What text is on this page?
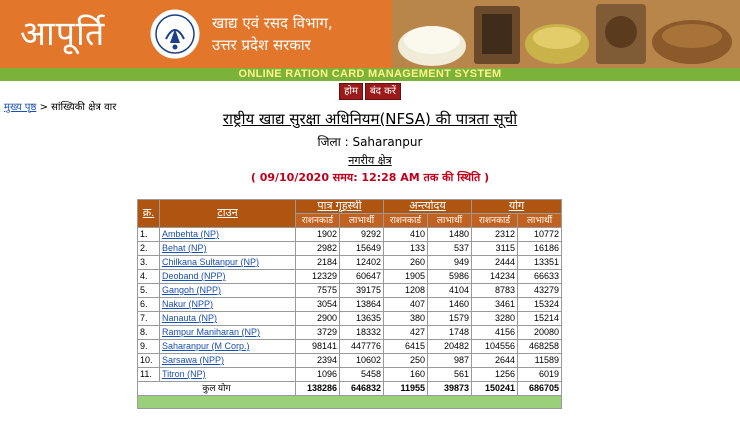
आपूर्ति	खाद्य एवं रसद विभाग,
उत्तर प्रदेश सरकार
ONLINE RATION CARD MANAGEMENT SYSTEM
होम बंद करें
मुख्य पृष्ठ > सांख्यिकी क्षेत्र वार
राष्ट्रीय खाद्य सुरक्षा अधिनियम(NFSA) की पात्रता सूची
जिला : Saharanpur
नगरीय क्षेत्र
( 09/10/2020 समय: 12:28 AM तक की स्थिति )
क्र.	टाउन	पात्र गृहस्थी		अन्त्योदय		योग	
		राशनकार्ड	लाभार्थी	राशनकार्ड	लाभार्थी	राशनकार्ड	लाभार्थी
1.	Ambehta (NP)	1902	9292	410	1480	2312	10772
2.	Behat (NP)	2982	15649	133	537	3115	16186
3.	Chilkana Sultanpur (NP)	2184	12402	260	949	2444	13351
4.	Deoband (NPP)	12329	60647	1905	5986	14234	66633
5.	Gangoh (NPP)	7575	39175	1208	4104	8783	43279
6.	Nakur (NPP)	3054	13864	407	1460	3461	15324
7.	Nanauta (NP)	2900	13635	380	1579	3280	15214
8.	Rampur Maniharan (NP)	3729	18332	427	1748	4156	20080
9.	Saharanpur (M Corp.)	98141	447776	6415	20482	104556	468258
10.	Sarsawa (NPP)	2394	10602	250	987	2644	11589
11.	Titron (NP)	1096	5458	160	561	1256	6019
कुल योग		138286	646832	11955	39873	150241	686705
